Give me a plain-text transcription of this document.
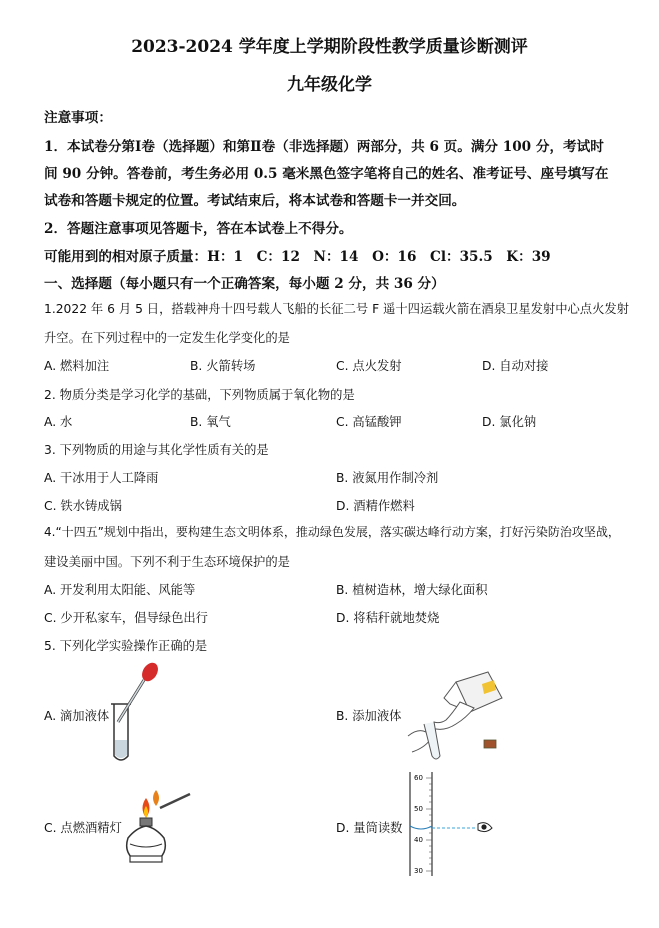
2023-2024 学年度上学期阶段性教学质量诊断测评
九年级化学
注意事项：
1．本试卷分第Ⅰ卷（选择题）和第Ⅱ卷（非选择题）两部分，共 6 页。满分 100 分，考试时
间 90 分钟。答卷前，考生务必用 0.5 毫米黑色签字笔将自己的姓名、准考证号、座号填写在
试卷和答题卡规定的位置。考试结束后，将本试卷和答题卡一并交回。
2．答题注意事项见答题卡，答在本试卷上不得分。
可能用到的相对原子质量：H：1　C：12　N：14　O：16　Cl：35.5　K：39
一、选择题（每小题只有一个正确答案，每小题 2 分，共 36 分）
1.2022 年 6 月 5 日，搭载神舟十四号载人飞船的长征二号 F 遥十四运载火箭在酒泉卫星发射中心点火发射
升空。在下列过程中的一定发生化学变化的是
A. 燃料加注	B. 火箭转场	C. 点火发射	D. 自动对接
2. 物质分类是学习化学的基础，下列物质属于氧化物的是
A. 水	B. 氧气	C. 高锰酸钾	D. 氯化钠
3. 下列物质的用途与其化学性质有关的是
A. 干冰用于人工降雨	B. 液氮用作制冷剂
C. 铁水铸成锅	D. 酒精作燃料
4.“十四五”规划中指出，要构建生态文明体系，推动绿色发展，落实碳达峰行动方案，打好污染防治攻坚战，
建设美丽中国。下列不利于生态环境保护的是
A. 开发利用太阳能、风能等	B. 植树造林，增大绿化面积
C. 少开私家车，倡导绿色出行	D. 将秸秆就地焚烧
5. 下列化学实验操作正确的是
A. 滴加液体	B. 添加液体
C. 点燃酒精灯	D. 量筒读数
60
50
40
30
